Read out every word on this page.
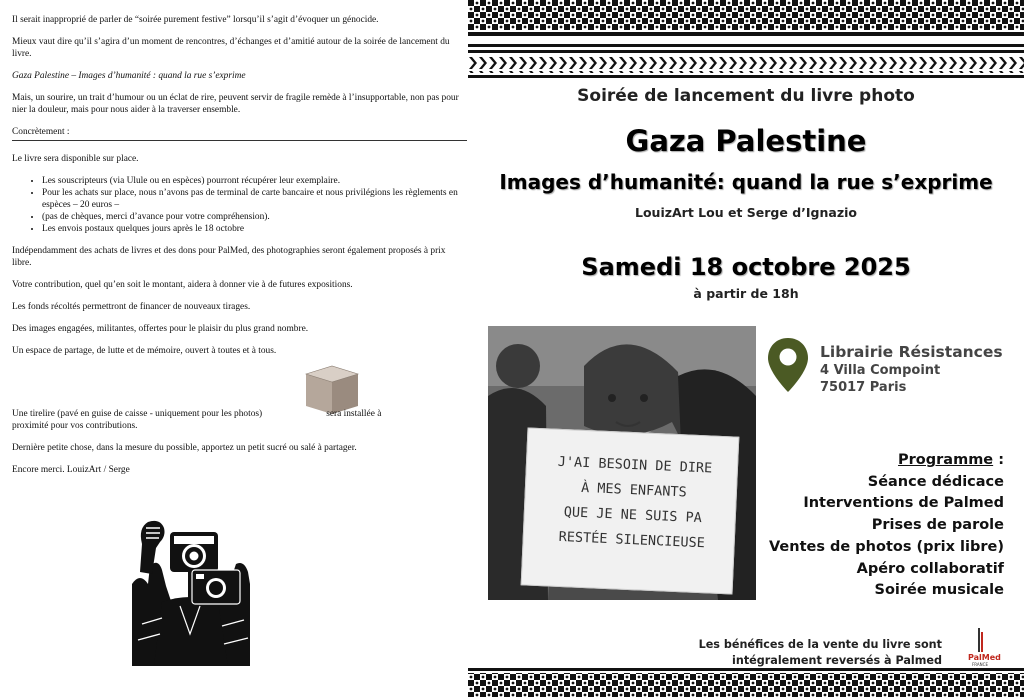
Il serait inapproprié de parler de “soirée purement festive” lorsqu’il s’agit d’évoquer un génocide.

Mieux vaut dire qu’il s’agira d’un moment de rencontres, d’échanges et d’amitié autour de la soirée de lancement du livre.

Gaza Palestine – Images d’humanité : quand la rue s’exprime

Mais, un sourire, un trait d’humour ou un éclat de rire, peuvent servir de fragile remède à l’insupportable, non pas pour nier la douleur, mais pour nous aider à la traverser ensemble.

Concrètement :

Le livre sera disponible sur place.

• Les souscripteurs (via Ulule ou en espèces) pourront récupérer leur exemplaire.
• Pour les achats sur place, nous n’avons pas de terminal de carte bancaire et nous privilégions les règlements en espèces – 20 euros –
• (pas de chèques, merci d’avance pour votre compréhension).
• Les envois postaux quelques jours après le 18 octobre

Indépendamment des achats de livres et des dons pour PalMed, des photographies seront également proposés à prix libre.

Votre contribution, quel qu’en soit le montant, aidera à donner vie à de futures expositions.

Les fonds récoltés permettront de financer de nouveaux tirages.

Des images engagées, militantes, offertes pour le plaisir du plus grand nombre.

Un espace de partage, de lutte et de mémoire, ouvert à toutes et à tous.

Une tirelire (pavé en guise de caisse - uniquement pour les photos)	sera installée à
proximité pour vos contributions.

Dernière petite chose, dans la mesure du possible, apportez un petit sucré ou salé à partager.

Encore merci. LouizArt / Serge

Soirée de lancement du livre photo
Gaza Palestine
Images d’humanité: quand la rue s’exprime
LouizArt Lou et Serge d’Ignazio
Samedi 18 octobre 2025
à partir de 18h
J'AI BESOIN DE DIRE
À MES ENFANTS
QUE JE NE SUIS PA
RESTÉE SILENCIEUSE
Librairie Résistances
4 Villa Compoint
75017 Paris
Programme :
Séance dédicace
Interventions de Palmed
Prises de parole
Ventes de photos (prix libre)
Apéro collaboratif
Soirée musicale
Les bénéfices de la vente du livre sont
intégralement reversés à Palmed	PalMed
FRANCE
